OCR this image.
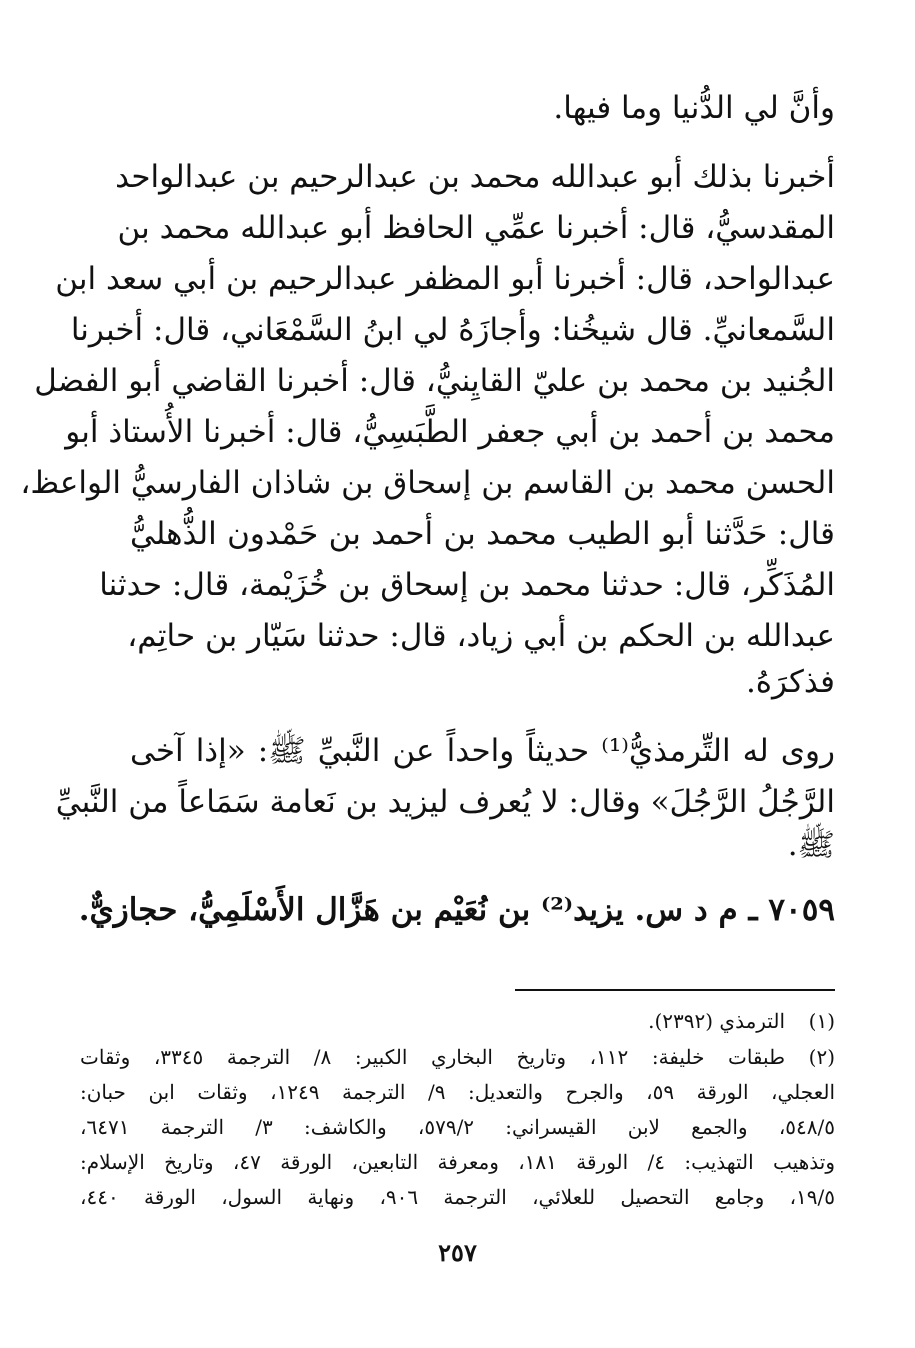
وأنَّ لي الدُّنيا وما فيها.
أخبرنا بذلك أبو عبدالله محمد بن عبدالرحيم بن عبدالواحد
المقدسيُّ، قال: أخبرنا عمِّي الحافظ أبو عبدالله محمد بن
عبدالواحد، قال: أخبرنا أبو المظفر عبدالرحيم بن أبي سعد ابن
السَّمعانيِّ. قال شيخُنا: وأجازَهُ لي ابنُ السَّمْعَاني، قال: أخبرنا
الجُنيد بن محمد بن عليّ القايِنيُّ، قال: أخبرنا القاضي أبو الفضل
محمد بن أحمد بن أبي جعفر الطَّبَسِيُّ، قال: أخبرنا الأُستاذ أبو
الحسن محمد بن القاسم بن إسحاق بن شاذان الفارسيُّ الواعظ،
قال: حَدَّثنا أبو الطيب محمد بن أحمد بن حَمْدون الذُّهليُّ
المُذَكِّر، قال: حدثنا محمد بن إسحاق بن خُزَيْمة، قال: حدثنا
عبدالله بن الحكم بن أبي زياد، قال: حدثنا سَيّار بن حاتِم،
فذكرَهُ.
روى له التِّرمذيُّ⁽¹⁾ حديثاً واحداً عن النَّبيِّ ﷺ: «إذا آخى
الرَّجُلُ الرَّجُلَ» وقال: لا يُعرف ليزيد بن نَعامة سَمَاعاً من النَّبيِّ
ﷺ.
٧٠٥٩ ـ م د س. يزيد⁽²⁾ بن نُعَيْم بن هَزَّال الأَسْلَمِيُّ، حجازيٌّ.
(١)
الترمذي (٢٣٩٢).
(٢)
طبقات خليفة: ١١٢، وتاريخ البخاري الكبير: ٨/ الترجمة ٣٣٤٥، وثقات
العجلي، الورقة ٥٩، والجرح والتعديل: ٩/ الترجمة ١٢٤٩، وثقات ابن حبان:
٥٤٨/٥، والجمع لابن القيسراني: ٥٧٩/٢، والكاشف: ٣/ الترجمة ٦٤٧١،
وتذهيب التهذيب: ٤/ الورقة ١٨١، ومعرفة التابعين، الورقة ٤٧، وتاريخ الإسلام:
١٩/٥، وجامع التحصيل للعلائي، الترجمة ٩٠٦، ونهاية السول، الورقة ٤٤٠،
٢٥٧
